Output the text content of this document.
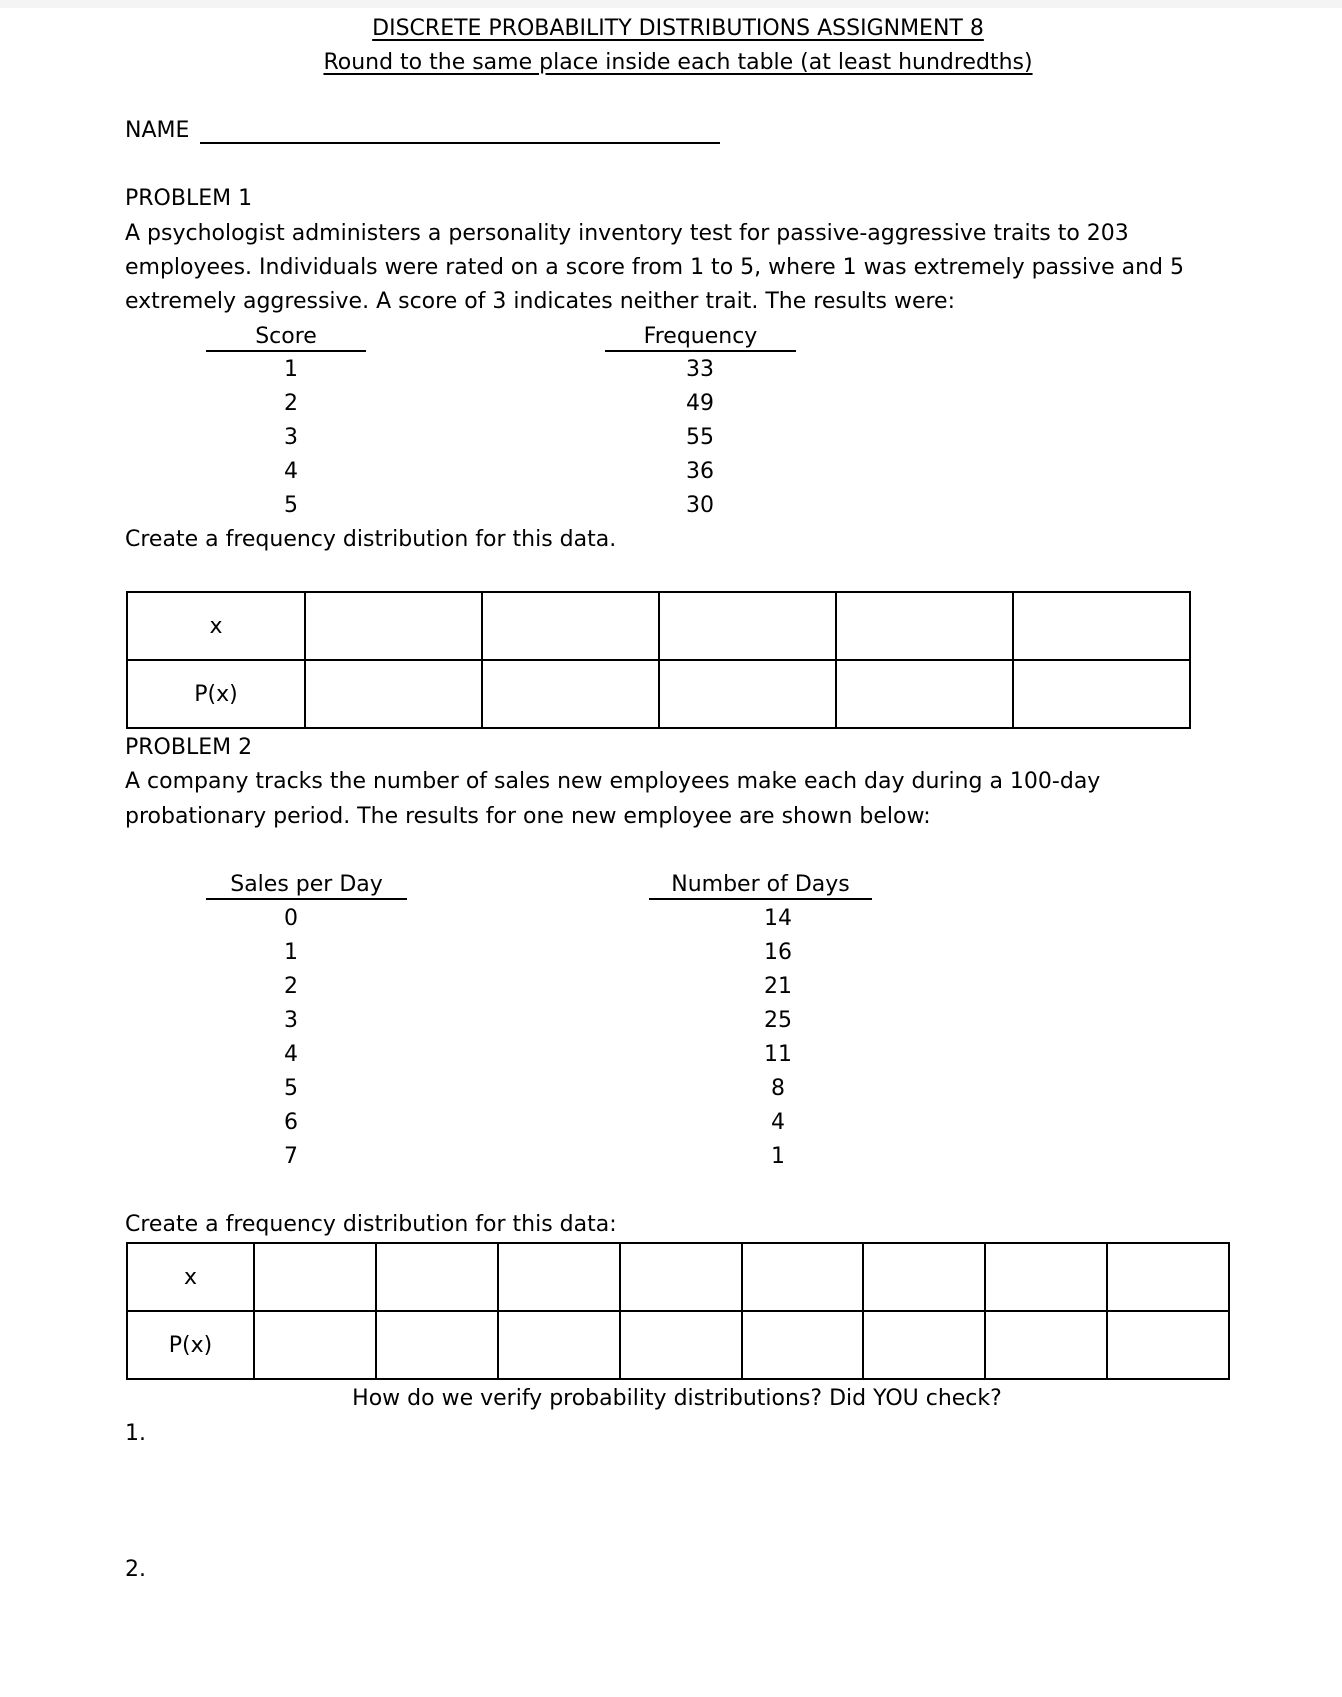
DISCRETE PROBABILITY DISTRIBUTIONS ASSIGNMENT 8
Round to the same place inside each table (at least hundredths)
NAME
PROBLEM 1
A psychologist administers a personality inventory test for passive-aggressive traits to 203
employees. Individuals were rated on a score from 1 to 5, where 1 was extremely passive and 5
extremely aggressive. A score of 3 indicates neither trait. The results were:
Score	Frequency
1	33
2	49
3	55
4	36
5	30
Create a frequency distribution for this data.
x					
P(x)					
PROBLEM 2
A company tracks the number of sales new employees make each day during a 100-day
probationary period. The results for one new employee are shown below:
Sales per Day	Number of Days
0	14
1	16
2	21
3	25
4	11
5	8
6	4
7	1
Create a frequency distribution for this data:
x								
P(x)								
How do we verify probability distributions? Did YOU check?
1.
2.
